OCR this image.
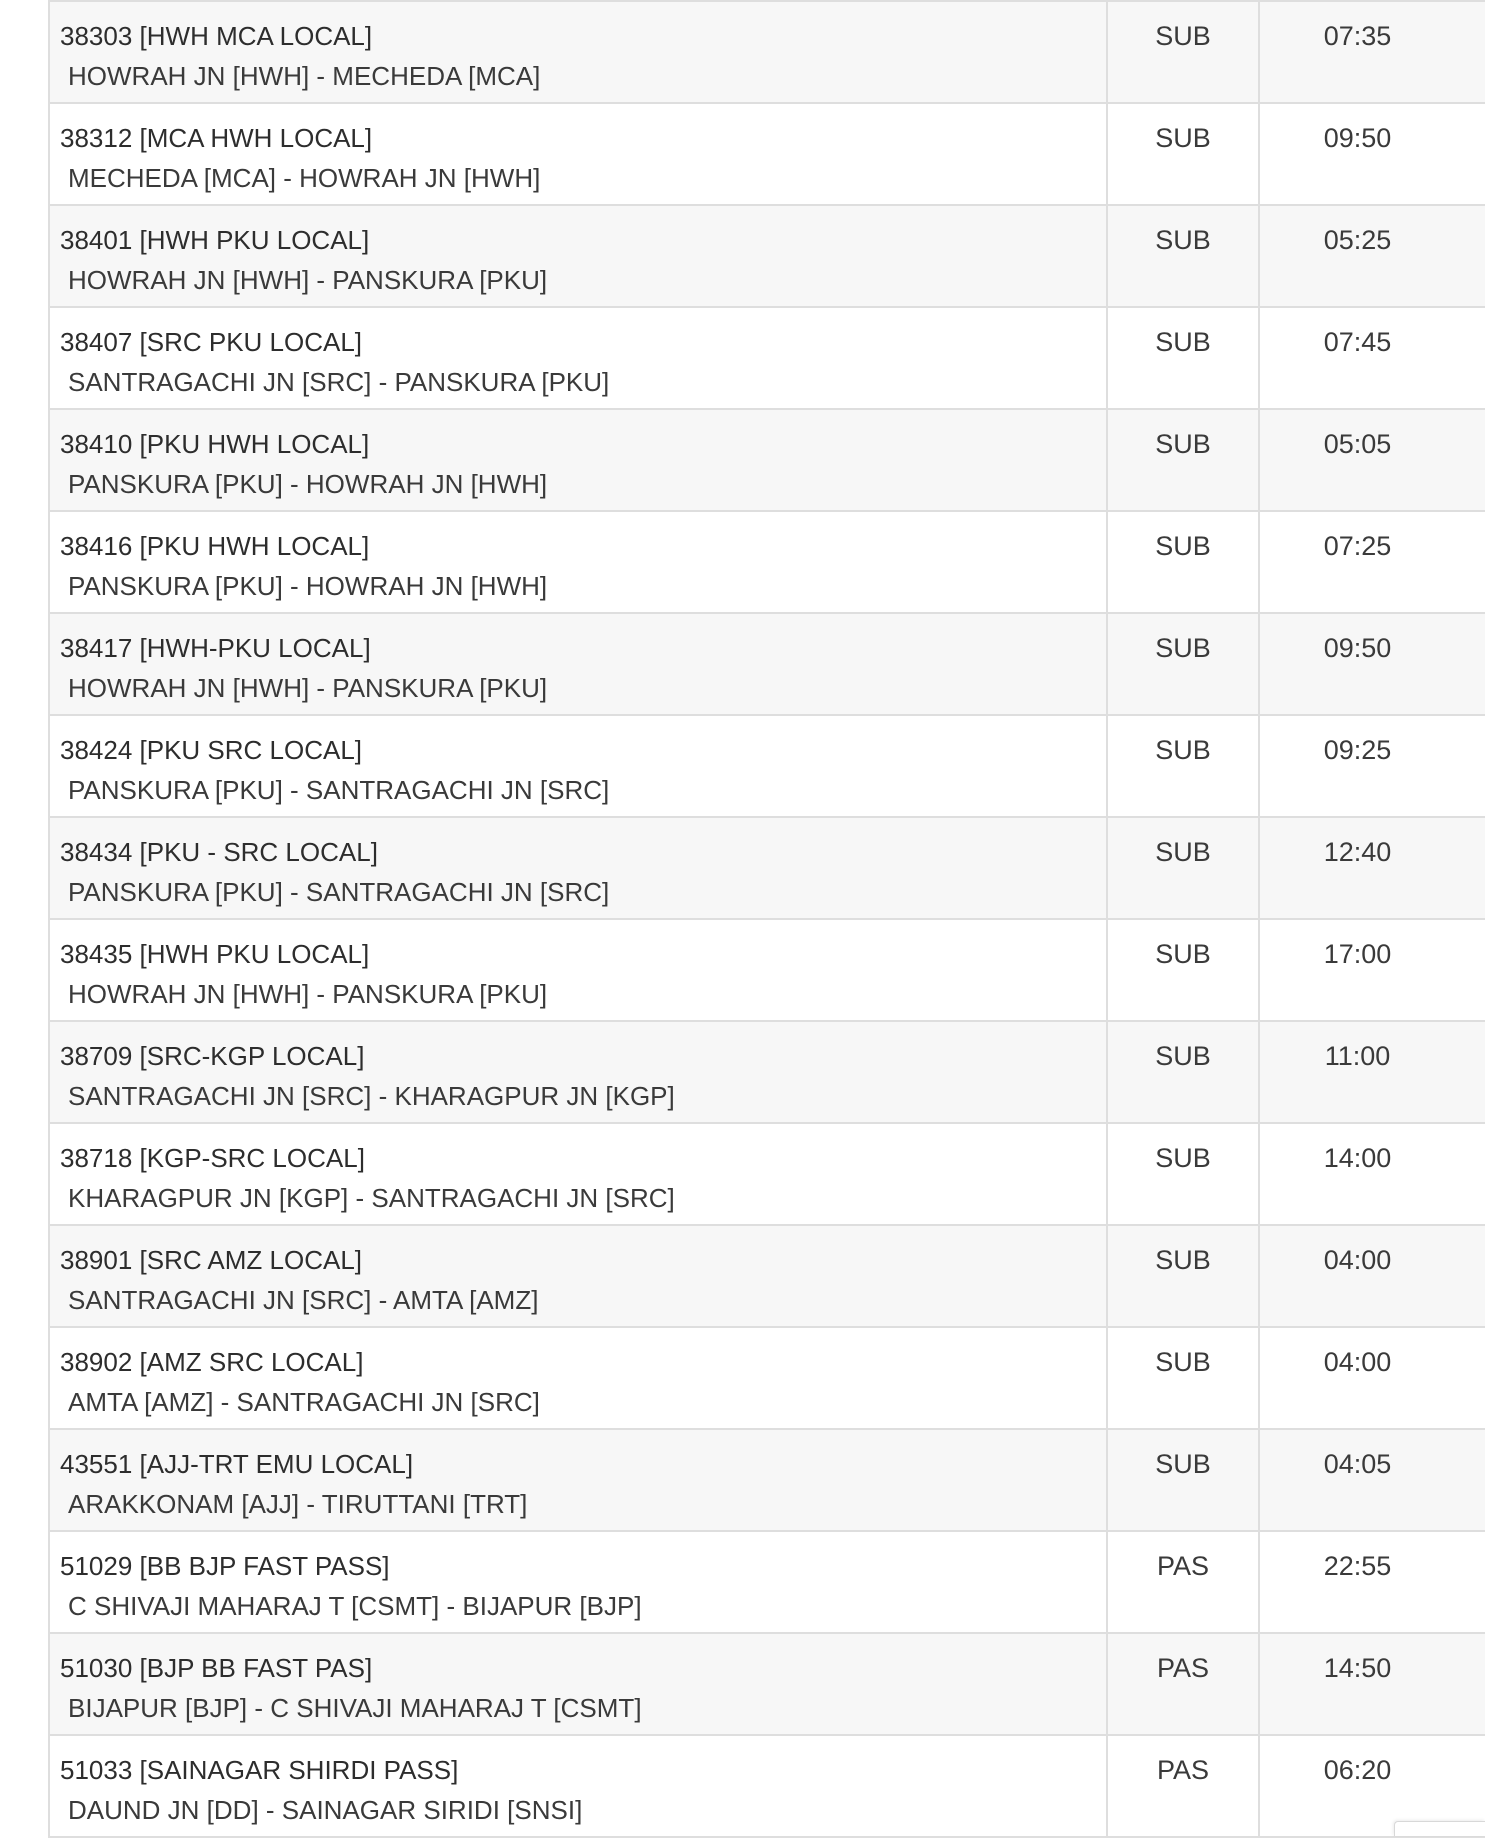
38303 [HWH MCA LOCAL]
HOWRAH JN [HWH] - MECHEDA [MCA]
SUB	07:35
38312 [MCA HWH LOCAL]
MECHEDA [MCA] - HOWRAH JN [HWH]
SUB	09:50
38401 [HWH PKU LOCAL]
HOWRAH JN [HWH] - PANSKURA [PKU]
SUB	05:25
38407 [SRC PKU LOCAL]
SANTRAGACHI JN [SRC] - PANSKURA [PKU]
SUB	07:45
38410 [PKU HWH LOCAL]
PANSKURA [PKU] - HOWRAH JN [HWH]
SUB	05:05
38416 [PKU HWH LOCAL]
PANSKURA [PKU] - HOWRAH JN [HWH]
SUB	07:25
38417 [HWH-PKU LOCAL]
HOWRAH JN [HWH] - PANSKURA [PKU]
SUB	09:50
38424 [PKU SRC LOCAL]
PANSKURA [PKU] - SANTRAGACHI JN [SRC]
SUB	09:25
38434 [PKU - SRC LOCAL]
PANSKURA [PKU] - SANTRAGACHI JN [SRC]
SUB	12:40
38435 [HWH PKU LOCAL]
HOWRAH JN [HWH] - PANSKURA [PKU]
SUB	17:00
38709 [SRC-KGP LOCAL]
SANTRAGACHI JN [SRC] - KHARAGPUR JN [KGP]
SUB	11:00
38718 [KGP-SRC LOCAL]
KHARAGPUR JN [KGP] - SANTRAGACHI JN [SRC]
SUB	14:00
38901 [SRC AMZ LOCAL]
SANTRAGACHI JN [SRC] - AMTA [AMZ]
SUB	04:00
38902 [AMZ SRC LOCAL]
AMTA [AMZ] - SANTRAGACHI JN [SRC]
SUB	04:00
43551 [AJJ-TRT EMU LOCAL]
ARAKKONAM [AJJ] - TIRUTTANI [TRT]
SUB	04:05
51029 [BB BJP FAST PASS]
C SHIVAJI MAHARAJ T [CSMT] - BIJAPUR [BJP]
PAS	22:55
51030 [BJP BB FAST PAS]
BIJAPUR [BJP] - C SHIVAJI MAHARAJ T [CSMT]
PAS	14:50
51033 [SAINAGAR SHIRDI PASS]
DAUND JN [DD] - SAINAGAR SIRIDI [SNSI]
PAS	06:20
